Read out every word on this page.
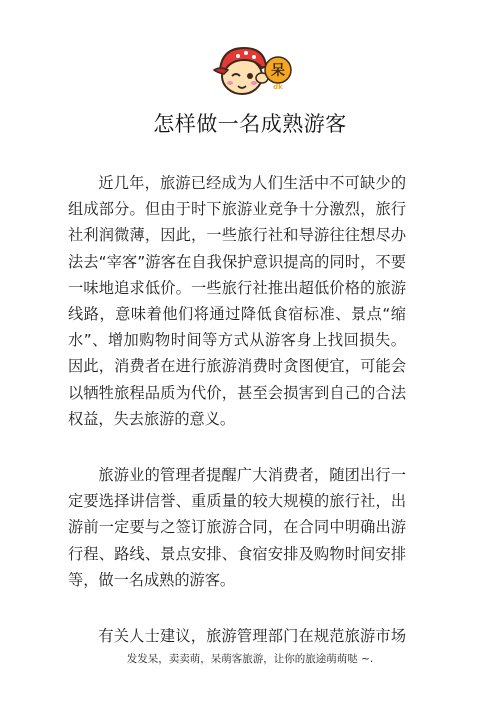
呆
dk
怎样做一名成熟游客

近几年，旅游已经成为人们生活中不可缺少的组成部分。但由于时下旅游业竞争十分激烈，旅行社利润微薄，因此，一些旅行社和导游往往想尽办法去“宰客”游客在自我保护意识提高的同时，不要一味地追求低价。一些旅行社推出超低价格的旅游线路，意味着他们将通过降低食宿标准、景点“缩水”、增加购物时间等方式从游客身上找回损失。因此，消费者在进行旅游消费时贪图便宜，可能会以牺牲旅程品质为代价，甚至会损害到自己的合法权益，失去旅游的意义。

旅游业的管理者提醒广大消费者，随团出行一定要选择讲信誉、重质量的较大规模的旅行社，出游前一定要与之签订旅游合同，在合同中明确出游行程、路线、景点安排、食宿安排及购物时间安排等，做一名成熟的游客。

有关人士建议，旅游管理部门在规范旅游市场

发发呆，卖卖萌，呆萌客旅游，让你的旅途萌萌哒 ~.
